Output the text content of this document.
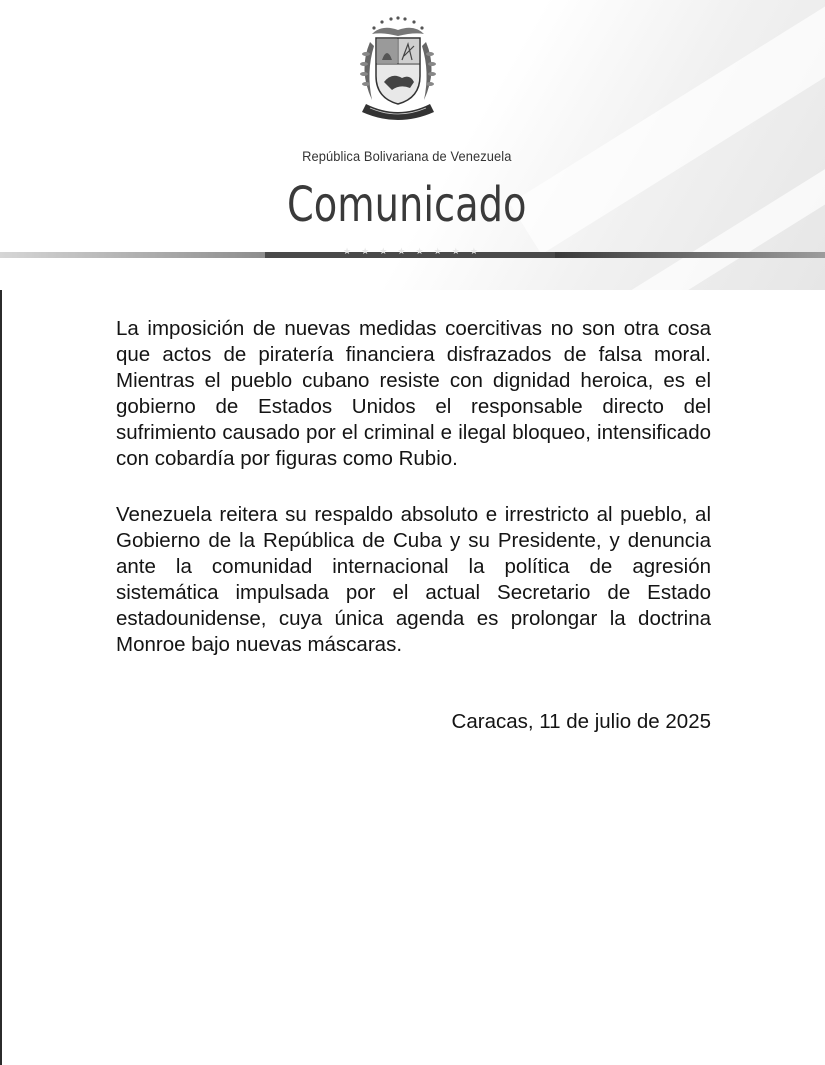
República Bolivariana de Venezuela
Comunicado
★ ★ ★ ★ ★ ★ ★ ★

La imposición de nuevas medidas coercitivas no son otra cosa que actos de piratería financiera disfrazados de falsa moral. Mientras el pueblo cubano resiste con dignidad heroica, es el gobierno de Estados Unidos el responsable directo del sufrimiento causado por el criminal e ilegal bloqueo, intensificado con cobardía por figuras como Rubio.

Venezuela reitera su respaldo absoluto e irrestricto al pueblo, al Gobierno de la República de Cuba y su Presidente, y denuncia ante la comunidad internacional la política de agresión sistemática impulsada por el actual Secretario de Estado estadounidense, cuya única agenda es prolongar la doctrina Monroe bajo nuevas máscaras.

Caracas, 11 de julio de 2025
